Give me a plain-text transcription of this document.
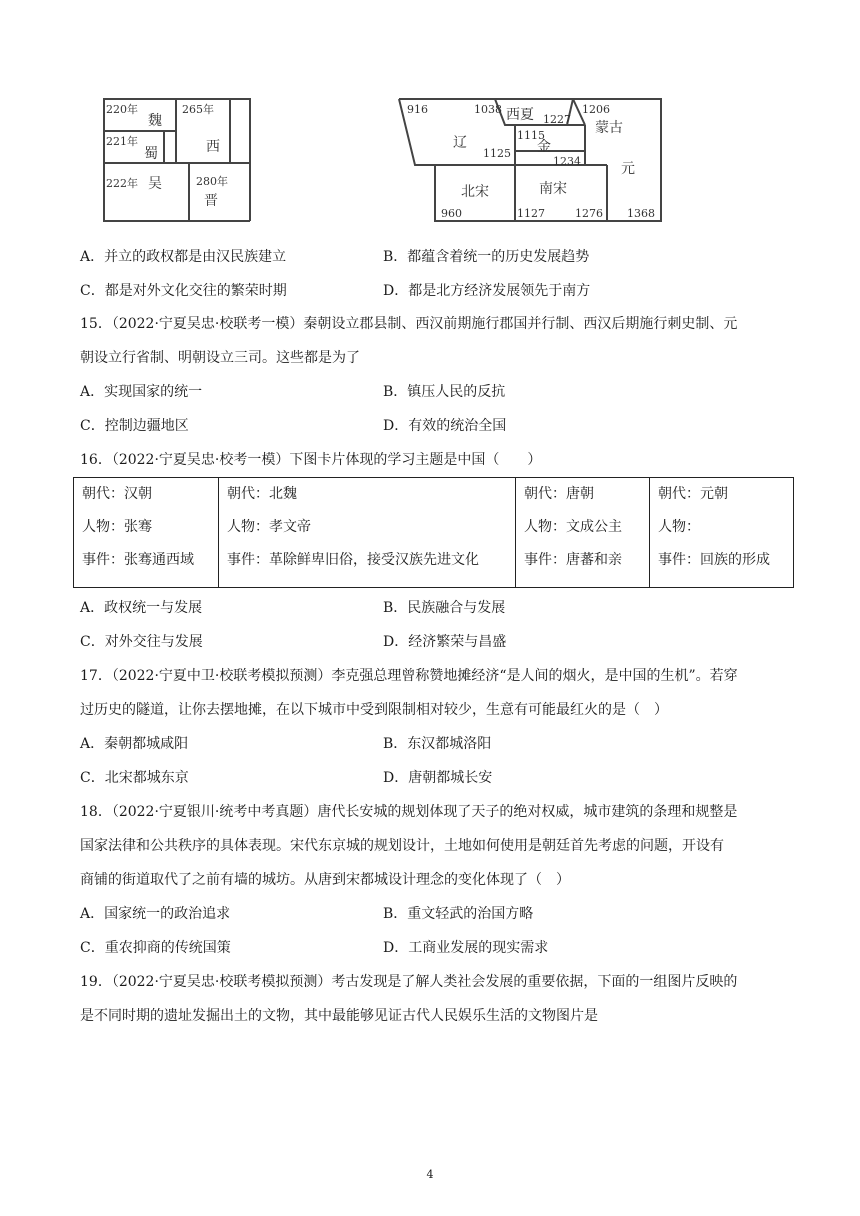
220年
魏
221年
蜀
222年 吴
265年
西
280年
晋
916	1038 西夏 1227
1206
蒙古
辽	1115
金
1125
1234	元
北宋	南宋
960	1127	1276 1368
A．并立的政权都是由汉民族建立	B．都蕴含着统一的历史发展趋势
C．都是对外文化交往的繁荣时期	D．都是北方经济发展领先于南方
15．（2022·宁夏吴忠·校联考一模）秦朝设立郡县制、西汉前期施行郡国并行制、西汉后期施行刺史制、元
朝设立行省制、明朝设立三司。这些都是为了
A．实现国家的统一	B．镇压人民的反抗
C．控制边疆地区	D．有效的统治全国
16．（2022·宁夏吴忠·校考一模）下图卡片体现的学习主题是中国（　　）
朝代：汉朝
人物：张骞
事件：张骞通西域

朝代：北魏
人物：孝文帝
事件：革除鲜卑旧俗，接受汉族先进文化

朝代：唐朝
人物：文成公主
事件：唐蕃和亲

朝代：元朝
人物：
事件：回族的形成
A．政权统一与发展	B．民族融合与发展
C．对外交往与发展	D．经济繁荣与昌盛
17．（2022·宁夏中卫·校联考模拟预测）李克强总理曾称赞地摊经济“是人间的烟火，是中国的生机”。若穿
过历史的隧道，让你去摆地摊，在以下城市中受到限制相对较少，生意有可能最红火的是（　）
A．秦朝都城咸阳	B．东汉都城洛阳
C．北宋都城东京	D．唐朝都城长安
18．（2022·宁夏银川·统考中考真题）唐代长安城的规划体现了天子的绝对权威，城市建筑的条理和规整是
国家法律和公共秩序的具体表现。宋代东京城的规划设计，土地如何使用是朝廷首先考虑的问题，开设有
商铺的街道取代了之前有墙的城坊。从唐到宋都城设计理念的变化体现了（　）
A．国家统一的政治追求	B．重文轻武的治国方略
C．重农抑商的传统国策	D．工商业发展的现实需求
19．（2022·宁夏吴忠·校联考模拟预测）考古发现是了解人类社会发展的重要依据，下面的一组图片反映的
是不同时期的遗址发掘出土的文物，其中最能够见证古代人民娱乐生活的文物图片是
4
